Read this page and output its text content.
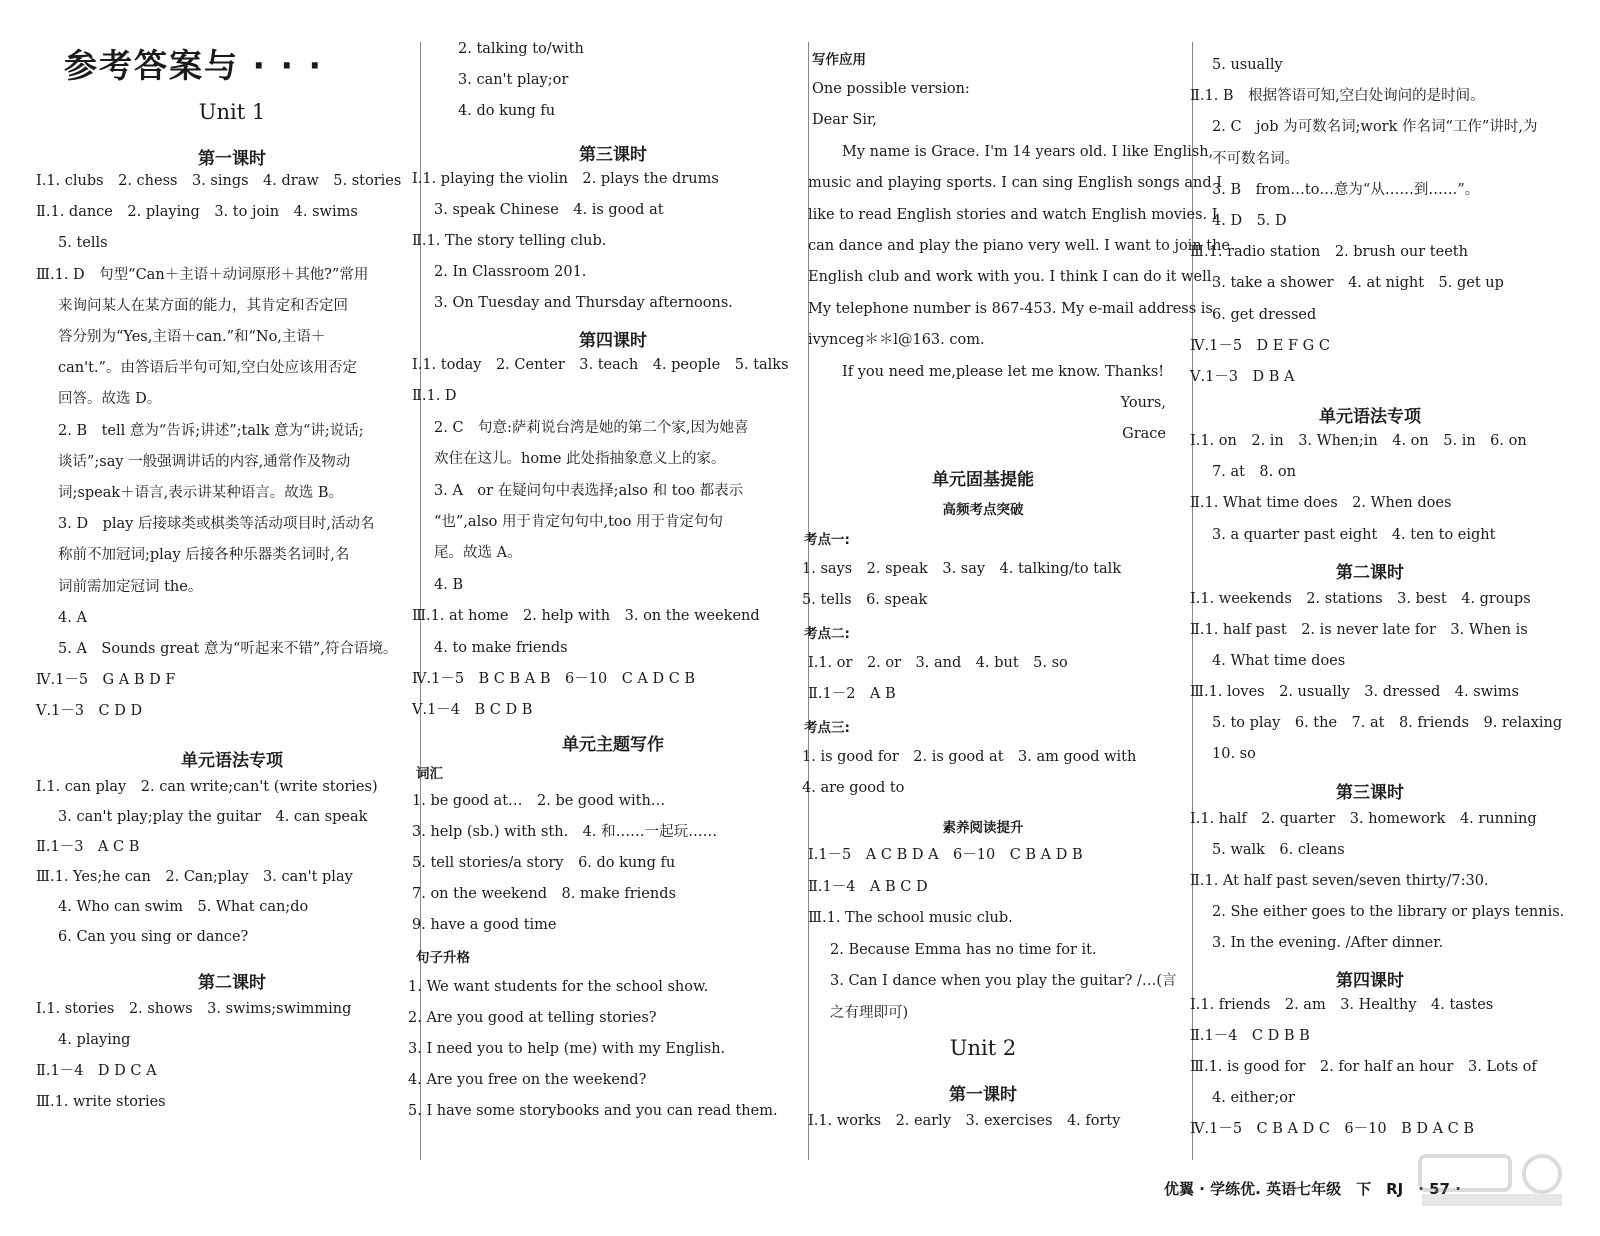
参考答案与 · · ·
Unit 1
第一课时
Ⅰ.1. clubs　2. chess　3. sings　4. draw　5. stories
Ⅱ.1. dance　2. playing　3. to join　4. swims
5. tells
Ⅲ.1. D　句型“Can＋主语＋动词原形＋其他?”常用
来询问某人在某方面的能力，其肯定和否定回
答分别为“Yes,主语＋can.”和“No,主语＋
can't.”。由答语后半句可知,空白处应该用否定
回答。故选 D。
2. B　tell 意为“告诉;讲述”;talk 意为“讲;说话;
谈话”;say 一般强调讲话的内容,通常作及物动
词;speak＋语言,表示讲某种语言。故选 B。
3. D　play 后接球类或棋类等活动项目时,活动名
称前不加冠词;play 后接各种乐器类名词时,名
词前需加定冠词 the。
4. A
5. A　Sounds great 意为“听起来不错”,符合语境。
Ⅳ.1－5　G A B D F
Ⅴ.1－3　C D D
单元语法专项
Ⅰ.1. can play　2. can write;can't (write stories)
3. can't play;play the guitar　4. can speak
Ⅱ.1－3　A C B
Ⅲ.1. Yes;he can　2. Can;play　3. can't play
4. Who can swim　5. What can;do
6. Can you sing or dance?
第二课时
Ⅰ.1. stories　2. shows　3. swims;swimming
4. playing
Ⅱ.1－4　D D C A
Ⅲ.1. write stories
2. talking to/with
3. can't play;or
4. do kung fu
第三课时
Ⅰ.1. playing the violin　2. plays the drums
3. speak Chinese　4. is good at
Ⅱ.1. The story telling club.
2. In Classroom 201.
3. On Tuesday and Thursday afternoons.
第四课时
Ⅰ.1. today　2. Center　3. teach　4. people　5. talks
Ⅱ.1. D
2. C　句意:萨莉说台湾是她的第二个家,因为她喜
欢住在这儿。home 此处指抽象意义上的家。
3. A　or 在疑问句中表选择;also 和 too 都表示
“也”,also 用于肯定句句中,too 用于肯定句句
尾。故选 A。
4. B
Ⅲ.1. at home　2. help with　3. on the weekend
4. to make friends
Ⅳ.1－5　B C B A B　6－10　C A D C B
Ⅴ.1－4　B C D B
单元主题写作
词汇
1. be good at…　2. be good with…
3. help (sb.) with sth.　4. 和……一起玩……
5. tell stories/a story　6. do kung fu
7. on the weekend　8. make friends
9. have a good time
句子升格
1. We want students for the school show.
2. Are you good at telling stories?
3. I need you to help (me) with my English.
4. Are you free on the weekend?
5. I have some storybooks and you can read them.
写作应用
One possible version:
Dear Sir,
My name is Grace. I'm 14 years old. I like English,
music and playing sports. I can sing English songs and I
like to read English stories and watch English movies. I
can dance and play the piano very well. I want to join the
English club and work with you. I think I can do it well.
My telephone number is 867-453. My e-mail address is
ivynceg＊＊l@163. com.
If you need me,please let me know. Thanks!
Yours,
Grace
单元固基提能
高频考点突破
考点一:
1. says　2. speak　3. say　4. talking/to talk
5. tells　6. speak
考点二:
Ⅰ.1. or　2. or　3. and　4. but　5. so
Ⅱ.1－2　A B
考点三:
1. is good for　2. is good at　3. am good with
4. are good to
素养阅读提升
Ⅰ.1－5　A C B D A　6－10　C B A D B
Ⅱ.1－4　A B C D
Ⅲ.1. The school music club.
2. Because Emma has no time for it.
3. Can I dance when you play the guitar? /…(言
之有理即可)
Unit 2
第一课时
Ⅰ.1. works　2. early　3. exercises　4. forty
5. usually
Ⅱ.1. B　根据答语可知,空白处询问的是时间。
2. C　job 为可数名词;work 作名词“工作”讲时,为
不可数名词。
3. B　from…to…意为“从……到……”。
4. D　5. D
Ⅲ.1. radio station　2. brush our teeth
3. take a shower　4. at night　5. get up
6. get dressed
Ⅳ.1－5　D E F G C
Ⅴ.1－3　D B A
单元语法专项
Ⅰ.1. on　2. in　3. When;in　4. on　5. in　6. on
7. at　8. on
Ⅱ.1. What time does　2. When does
3. a quarter past eight　4. ten to eight
第二课时
Ⅰ.1. weekends　2. stations　3. best　4. groups
Ⅱ.1. half past　2. is never late for　3. When is
4. What time does
Ⅲ.1. loves　2. usually　3. dressed　4. swims
5. to play　6. the　7. at　8. friends　9. relaxing
10. so
第三课时
Ⅰ.1. half　2. quarter　3. homework　4. running
5. walk　6. cleans
Ⅱ.1. At half past seven/seven thirty/7:30.
2. She either goes to the library or plays tennis.
3. In the evening. /After dinner.
第四课时
Ⅰ.1. friends　2. am　3. Healthy　4. tastes
Ⅱ.1－4　C D B B
Ⅲ.1. is good for　2. for half an hour　3. Lots of
4. either;or
Ⅳ.1－5　C B A D C　6－10　B D A C B
优翼 · 学练优. 英语七年级　下　RJ　· 57 ·
